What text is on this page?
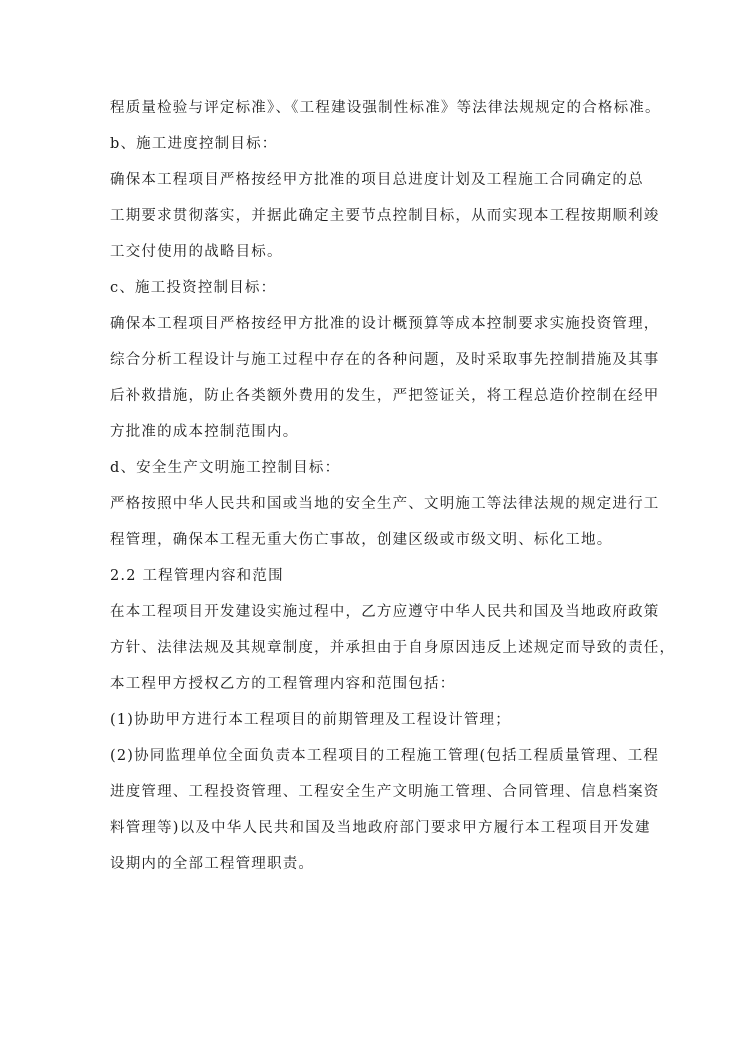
程质量检验与评定标准》、《工程建设强制性标准》等法律法规规定的合格标准。
b、施工进度控制目标：
确保本工程项目严格按经甲方批准的项目总进度计划及工程施工合同确定的总
工期要求贯彻落实，并据此确定主要节点控制目标，从而实现本工程按期顺利竣
工交付使用的战略目标。
c、施工投资控制目标：
确保本工程项目严格按经甲方批准的设计概预算等成本控制要求实施投资管理，
综合分析工程设计与施工过程中存在的各种问题，及时采取事先控制措施及其事
后补救措施，防止各类额外费用的发生，严把签证关，将工程总造价控制在经甲
方批准的成本控制范围内。
d、安全生产文明施工控制目标：
严格按照中华人民共和国或当地的安全生产、文明施工等法律法规的规定进行工
程管理，确保本工程无重大伤亡事故，创建区级或市级文明、标化工地。
2.2 工程管理内容和范围
在本工程项目开发建设实施过程中，乙方应遵守中华人民共和国及当地政府政策
方针、法律法规及其规章制度，并承担由于自身原因违反上述规定而导致的责任，
本工程甲方授权乙方的工程管理内容和范围包括：
(1)协助甲方进行本工程项目的前期管理及工程设计管理；
(2)协同监理单位全面负责本工程项目的工程施工管理(包括工程质量管理、工程
进度管理、工程投资管理、工程安全生产文明施工管理、合同管理、信息档案资
料管理等)以及中华人民共和国及当地政府部门要求甲方履行本工程项目开发建
设期内的全部工程管理职责。
